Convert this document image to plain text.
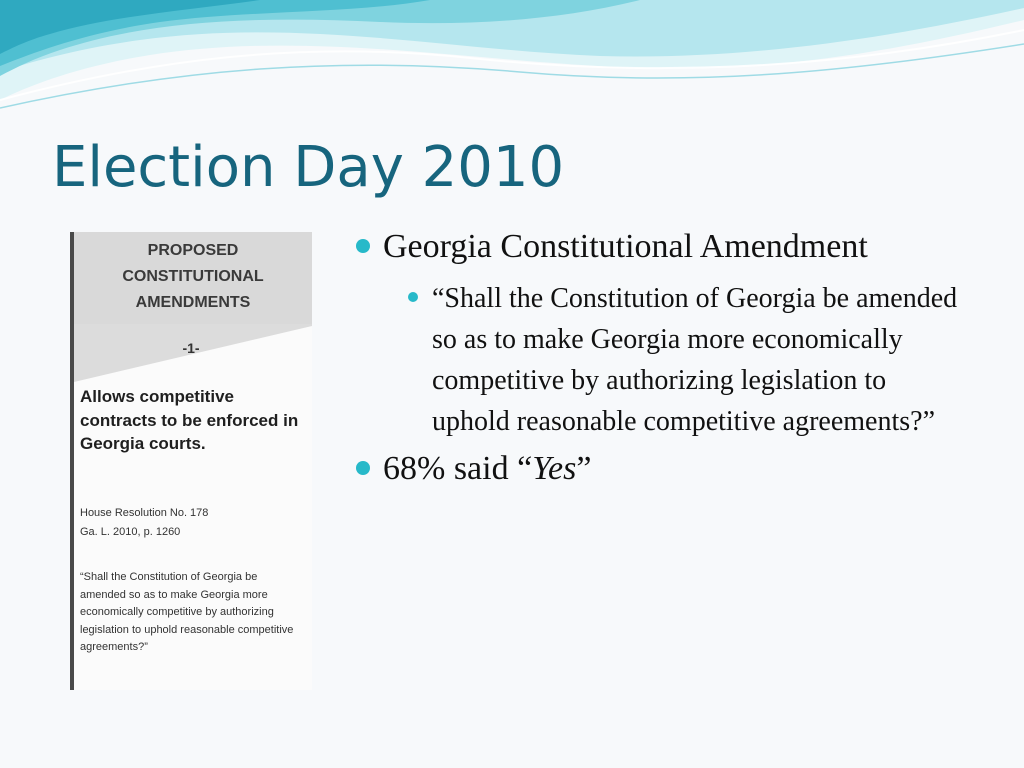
Election Day 2010
PROPOSED
CONSTITUTIONAL
AMENDMENTS
-1-
Allows competitive contracts to be enforced in Georgia courts.
House Resolution No. 178
Ga. L. 2010, p. 1260
“Shall the Constitution of Georgia be amended so as to make Georgia more economically competitive by authorizing legislation to uphold reasonable competitive agreements?”
Georgia Constitutional Amendment
“Shall the Constitution of Georgia be amended so as to make Georgia more economically competitive by authorizing legislation to uphold reasonable competitive agreements?”
68% said “Yes”
